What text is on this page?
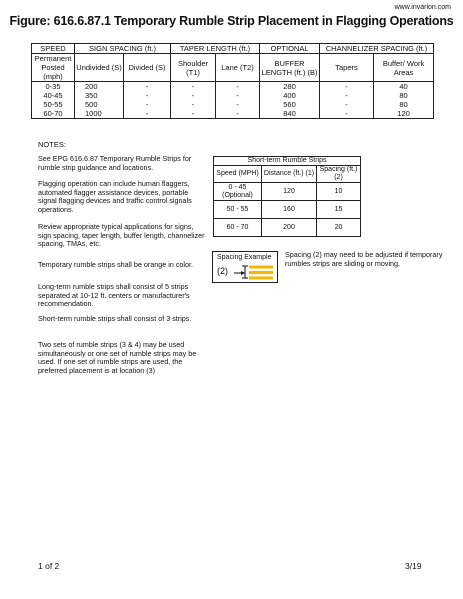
www.invarion.com
Figure: 616.6.87.1 Temporary Rumble Strip Placement in Flagging Operations
SPEED	SIGN SPACING (ft.)		TAPER LENGTH (ft.)		OPTIONAL	CHANNELIZER SPACING (ft.)	
Permanent Posted (mph)	Undivided (S)	Divided (S)	Shoulder (T1)	Lane (T2)	BUFFER LENGTH (ft.) (B)	Tapers	Buffer/ Work Areas
0-35	200	-	-	-	280	-	40
40-45	350	-	-	-	400	-	80
50-55	500	-	-	-	560	-	80
60-70	1000	-	-	-	840	-	120
NOTES:
See EPG 616.6.87 Temporary Rumble Strips for rumble strip guidance and locations.
Flagging operation can include human flaggers, automated flagger assistance devices, portable signal flagging devices and traffic control signals operations.
Review appropriate typical applications for signs, sign spacing, taper length, buffer length, channelizer spacing, TMAs, etc.
Temporary rumble strips shall be orange in color.
Long-term rumble strips shall consist of 5 strips separated at 10-12 ft. centers or manufacturer's recommendation.
Short-term rumble strips shall consist of 3 strips.
Two sets of rumble strips (3 & 4) may be used simultaneously or one set of rumble strips may be used. If one set of rumble strips are used, the preferred placement is at location (3)
Short-term Rumble Strips		
Speed (MPH)	Distance (ft.) (1)	Spacing (ft.) (2)
0 - 45 (Optional)	120	10
50 - 55	160	15
60 - 70	200	20
Spacing Example
(2)
Spacing (2) may need to be adjusted if temporary rumbles strips are sliding or moving.
1 of 2	3/19
